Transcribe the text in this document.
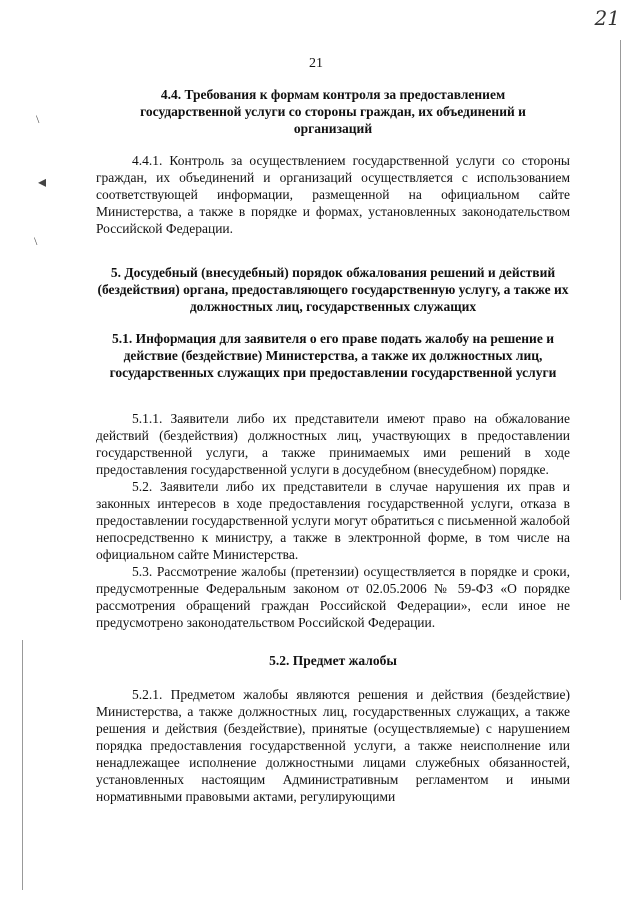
21
21
\
◂
\
4.4. Требования к формам контроля за предоставлением государственной услуги со стороны граждан, их объединений и организаций

4.4.1. Контроль за осуществлением государственной услуги со стороны граждан, их объединений и организаций осуществляется с использованием соответствующей информации, размещенной на официальном сайте Министерства, а также в порядке и формах, установленных законодательством Российской Федерации.

5. Досудебный (внесудебный) порядок обжалования решений и действий (бездействия) органа, предоставляющего государственную услугу, а также их должностных лиц, государственных служащих
5.1. Информация для заявителя о его праве подать жалобу на решение и действие (бездействие) Министерства, а также их должностных лиц, государственных служащих при предоставлении государственной услуги

5.1.1. Заявители либо их представители имеют право на обжалование действий (бездействия) должностных лиц, участвующих в предоставлении государственной услуги, а также принимаемых ими решений в ходе предоставления государственной услуги в досудебном (внесудебном) порядке.

5.2. Заявители либо их представители в случае нарушения их прав и законных интересов в ходе предоставления государственной услуги, отказа в предоставлении государственной услуги могут обратиться с письменной жалобой непосредственно к министру, а также в электронной форме, в том числе на официальном сайте Министерства.

5.3. Рассмотрение жалобы (претензии) осуществляется в порядке и сроки, предусмотренные Федеральным законом от 02.05.2006 № 59-ФЗ «О порядке рассмотрения обращений граждан Российской Федерации», если иное не предусмотрено законодательством Российской Федерации.

5.2. Предмет жалобы

5.2.1. Предметом жалобы являются решения и действия (бездействие) Министерства, а также должностных лиц, государственных служащих, а также решения и действия (бездействие), принятые (осуществляемые) с нарушением порядка предоставления государственной услуги, а также неисполнение или ненадлежащее исполнение должностными лицами служебных обязанностей, установленных настоящим Административным регламентом и иными нормативными правовыми актами, регулирующими
